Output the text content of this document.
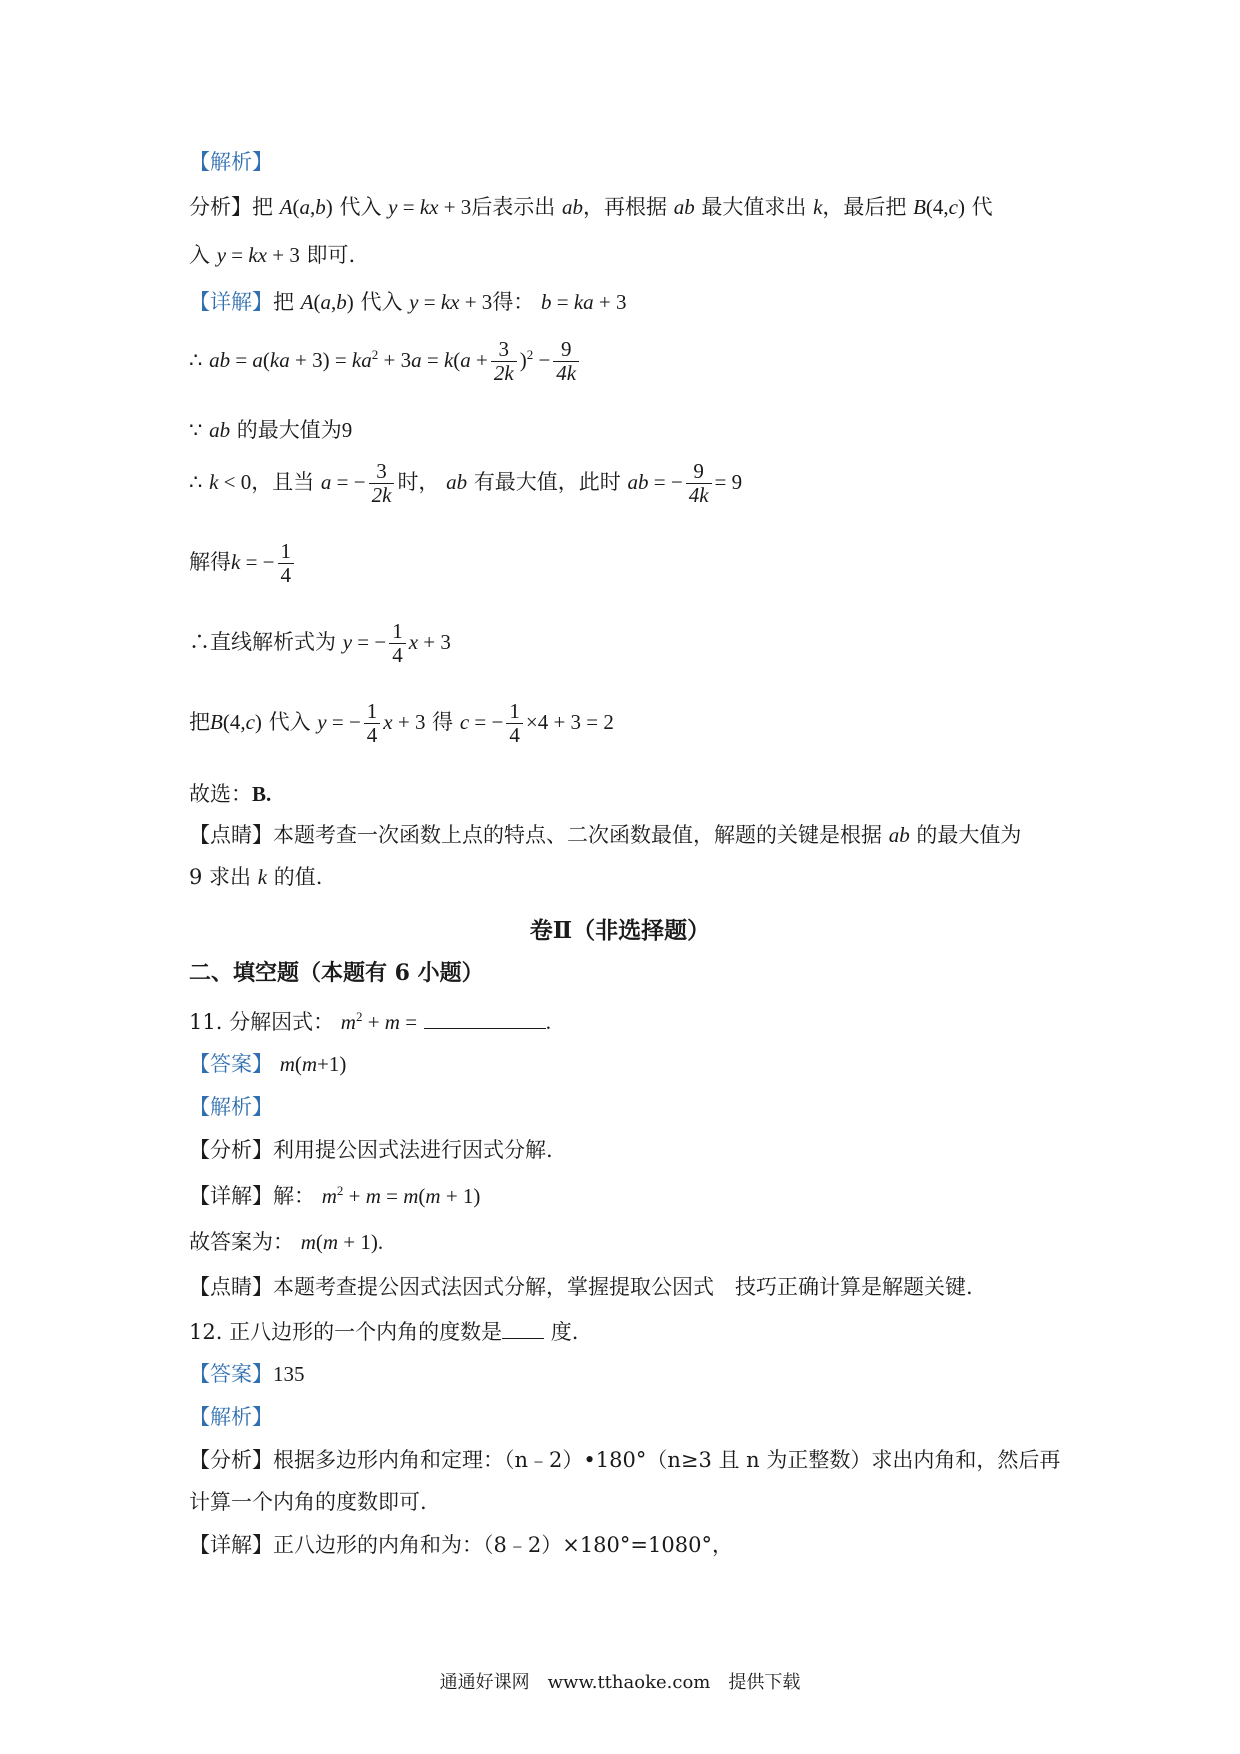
【解析】
分析】把 A(a,b) 代入 y = kx + 3后表示出 ab，再根据 ab 最大值求出 k，最后把 B(4,c) 代
入 y = kx + 3 即可.
【详解】把 A(a,b) 代入 y = kx + 3得： b = ka + 3
∴ ab = $a(ka + 3) = ka^2 + 3a = k(a + \frac{3}{2k} )^2 - \frac{9}{4k}$
∵ ab 的最大值为9
∴ k < 0，且当 a = − $\frac{3}{2k}$ 时， ab 有最大值，此时 ab = − $\frac{9}{4k} = 9$
解得k = − $\frac{1}{4}$
∴直线解析式为 y = − $\frac{1}{4}$ x + 3
把B(4,c) 代入 y = − $\frac{1}{4}$ x + 3 得 c = − $\frac{1}{4} \times 4 + 3 = 2$
故选：B.
【点睛】本题考查一次函数上点的特点、二次函数最值，解题的关键是根据 ab 的最大值为
9 求出 k 的值.
卷Ⅱ（非选择题）
二、填空题（本题有 6 小题）
11. 分解因式： $m^2 + m$ =	.
【答案】 m(m+1)
【解析】
【分析】利用提公因式法进行因式分解.
【详解】解： $m^2 + m = m(m + 1)$
故答案为： m(m + 1).
【点睛】本题考查提公因式法因式分解，掌握提取公因式　技巧正确计算是解题关键.
12. 正八边形的一个内角的度数是 度.
【答案】135
【解析】
【分析】根据多边形内角和定理：（n﹣2）•180°（n≥3 且 n 为正整数）求出内角和，然后再
计算一个内角的度数即可.
【详解】正八边形的内角和为：（8﹣2）×180°=1080°，
通通好课网　www.tthaoke.com　提供下载
